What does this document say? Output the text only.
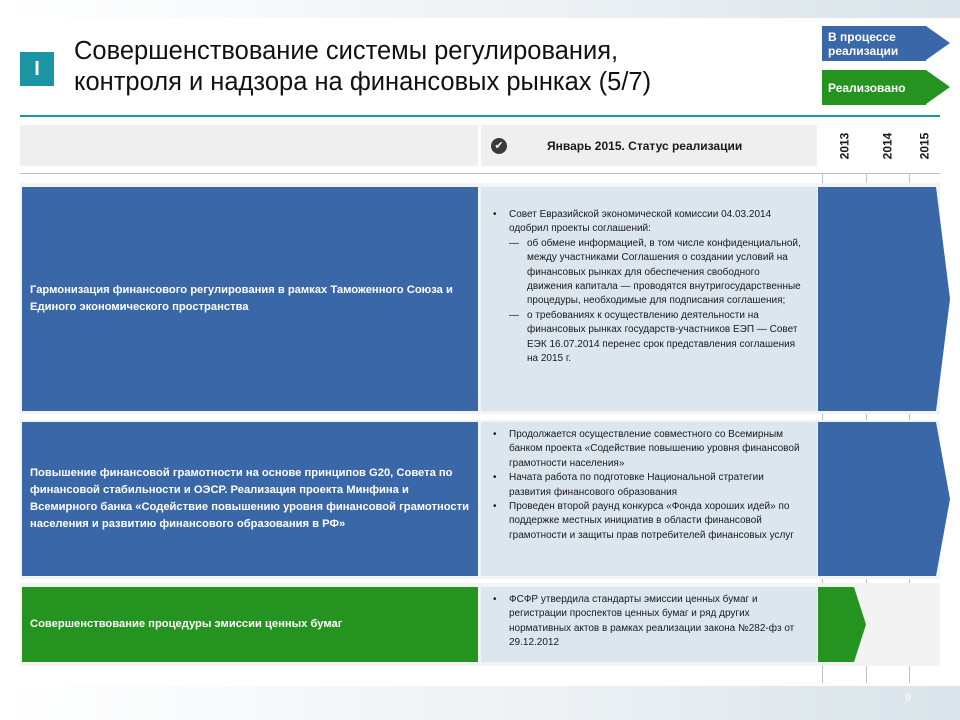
I
Совершенствование системы регулирования,
контроля и надзора на финансовых рынках (5/7)
В процессе реализации
Реализовано
✔	Январь 2015. Статус реализации	2013 2014 2015
Гармонизация финансового регулирования в рамках Таможенного Союза и Единого экономического пространства
• Совет Евразийской экономической комиссии 04.03.2014 одобрил проекты соглашений:
— об обмене информацией, в том числе конфиденциальной, между участниками Соглашения о создании условий на финансовых рынках для обеспечения свободного движения капитала — проводятся внутригосударственные процедуры, необходимые для подписания соглашения;
— о требованиях к осуществлению деятельности на финансовых рынках государств-участников ЕЭП — Совет ЕЭК 16.07.2014 перенес срок представления соглашения на 2015 г.
Повышение финансовой грамотности на основе принципов G20, Совета по финансовой стабильности и ОЭСР. Реализация проекта Минфина и Всемирного банка «Содействие повышению уровня финансовой грамотности населения и развитию финансового образования в РФ»
• Продолжается осуществление совместного со Всемирным банком проекта «Содействие повышению уровня финансовой грамотности населения»
• Начата работа по подготовке Национальной стратегии развития финансового образования
• Проведен второй раунд конкурса «Фонда хороших идей» по поддержке местных инициатив в области финансовой грамотности и защиты прав потребителей финансовых услуг
Совершенствование процедуры эмиссии ценных бумаг
• ФСФР утвердила стандарты эмиссии ценных бумаг и регистрации проспектов ценных бумаг и ряд других нормативных актов в рамках реализации закона №282-фз от 29.12.2012
9
